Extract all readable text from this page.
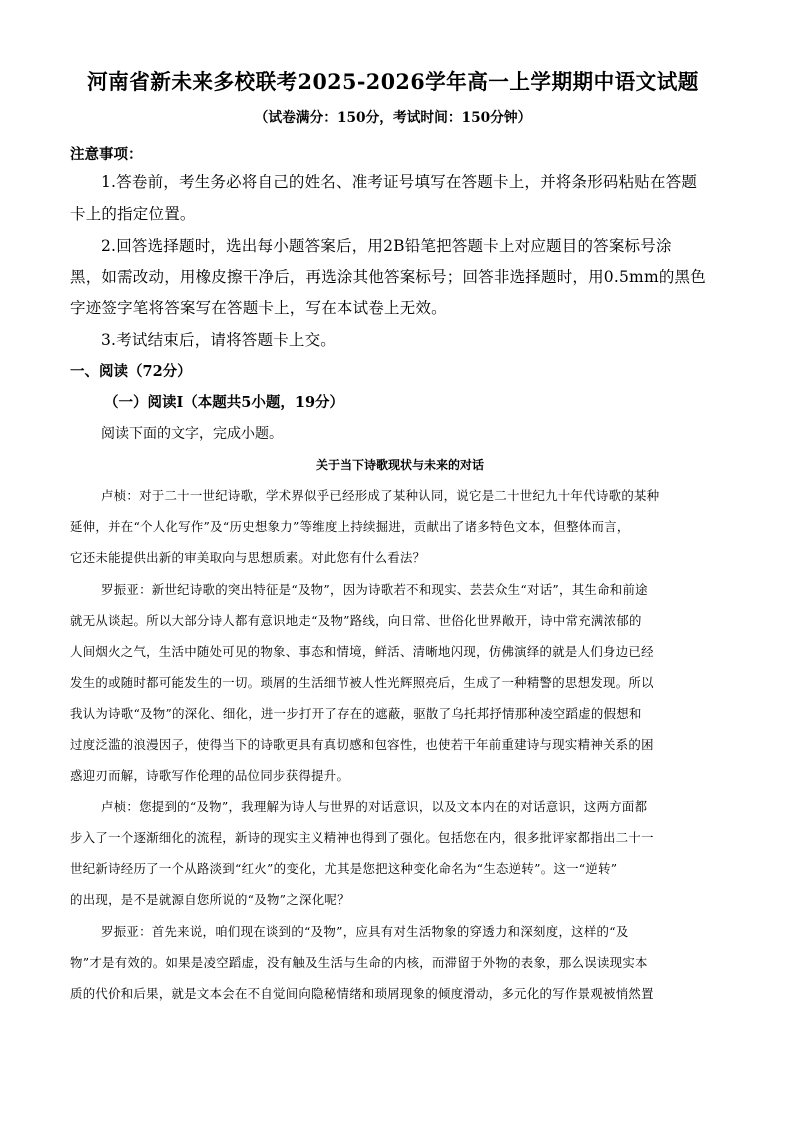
河南省新未来多校联考2025-2026学年高一上学期期中语文试题
（试卷满分：150分，考试时间：150分钟）
注意事项：
1.答卷前，考生务必将自己的姓名、准考证号填写在答题卡上，并将条形码粘贴在答题
卡上的指定位置。
2.回答选择题时，选出每小题答案后，用2B铅笔把答题卡上对应题目的答案标号涂
黑，如需改动，用橡皮擦干净后，再选涂其他答案标号；回答非选择题时，用0.5mm的黑色
字迹签字笔将答案写在答题卡上，写在本试卷上无效。
3.考试结束后，请将答题卡上交。
一、阅读（72分）
（一）阅读Ⅰ（本题共5小题，19分）
阅读下面的文字，完成小题。
关于当下诗歌现状与未来的对话
卢桢：对于二十一世纪诗歌，学术界似乎已经形成了某种认同，说它是二十世纪九十年代诗歌的某种
延伸，并在“个人化写作”及“历史想象力”等维度上持续掘进，贡献出了诸多特色文本，但整体而言，
它还未能提供出新的审美取向与思想质素。对此您有什么看法？
罗振亚：新世纪诗歌的突出特征是“及物”，因为诗歌若不和现实、芸芸众生“对话”，其生命和前途
就无从谈起。所以大部分诗人都有意识地走“及物”路线，向日常、世俗化世界敞开，诗中常充满浓郁的
人间烟火之气，生活中随处可见的物象、事态和情境，鲜活、清晰地闪现，仿佛演绎的就是人们身边已经
发生的或随时都可能发生的一切。琐屑的生活细节被人性光辉照亮后，生成了一种精警的思想发现。所以
我认为诗歌“及物”的深化、细化，进一步打开了存在的遮蔽，驱散了乌托邦抒情那种凌空蹈虚的假想和
过度泛滥的浪漫因子，使得当下的诗歌更具有真切感和包容性，也使若干年前重建诗与现实精神关系的困
惑迎刃而解，诗歌写作伦理的品位同步获得提升。
卢桢：您提到的“及物”，我理解为诗人与世界的对话意识，以及文本内在的对话意识，这两方面都
步入了一个逐渐细化的流程，新诗的现实主义精神也得到了强化。包括您在内，很多批评家都指出二十一
世纪新诗经历了一个从路淡到“红火”的变化，尤其是您把这种变化命名为“生态逆转”。这一“逆转”
的出现，是不是就源自您所说的“及物”之深化呢？
罗振亚：首先来说，咱们现在谈到的“及物”，应具有对生活物象的穿透力和深刻度，这样的“及
物”才是有效的。如果是凌空蹈虚，没有触及生活与生命的内核，而滞留于外物的表象，那么误读现实本
质的代价和后果，就是文本会在不自觉间向隐秘情绪和琐屑现象的倾度滑动，多元化的写作景观被悄然置
